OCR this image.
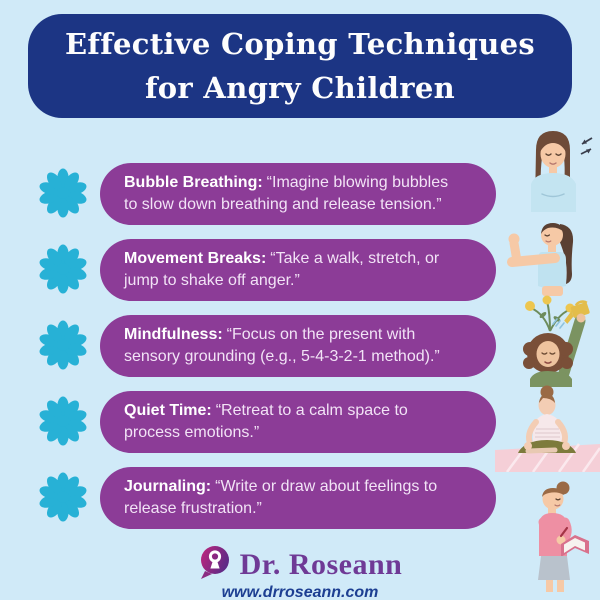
Effective Coping Techniques
for Angry Children
Bubble Breathing: “Imagine blowing bubbles to slow down breathing and release tension.”
Movement Breaks: “Take a walk, stretch, or jump to shake off anger.”
Mindfulness: “Focus on the present with sensory grounding (e.g., 5-4-3-2-1 method).”
Quiet Time: “Retreat to a calm space to process emotions.”
Journaling: “Write or draw about feelings to release frustration.”
Dr. Roseann
www.drroseann.com
